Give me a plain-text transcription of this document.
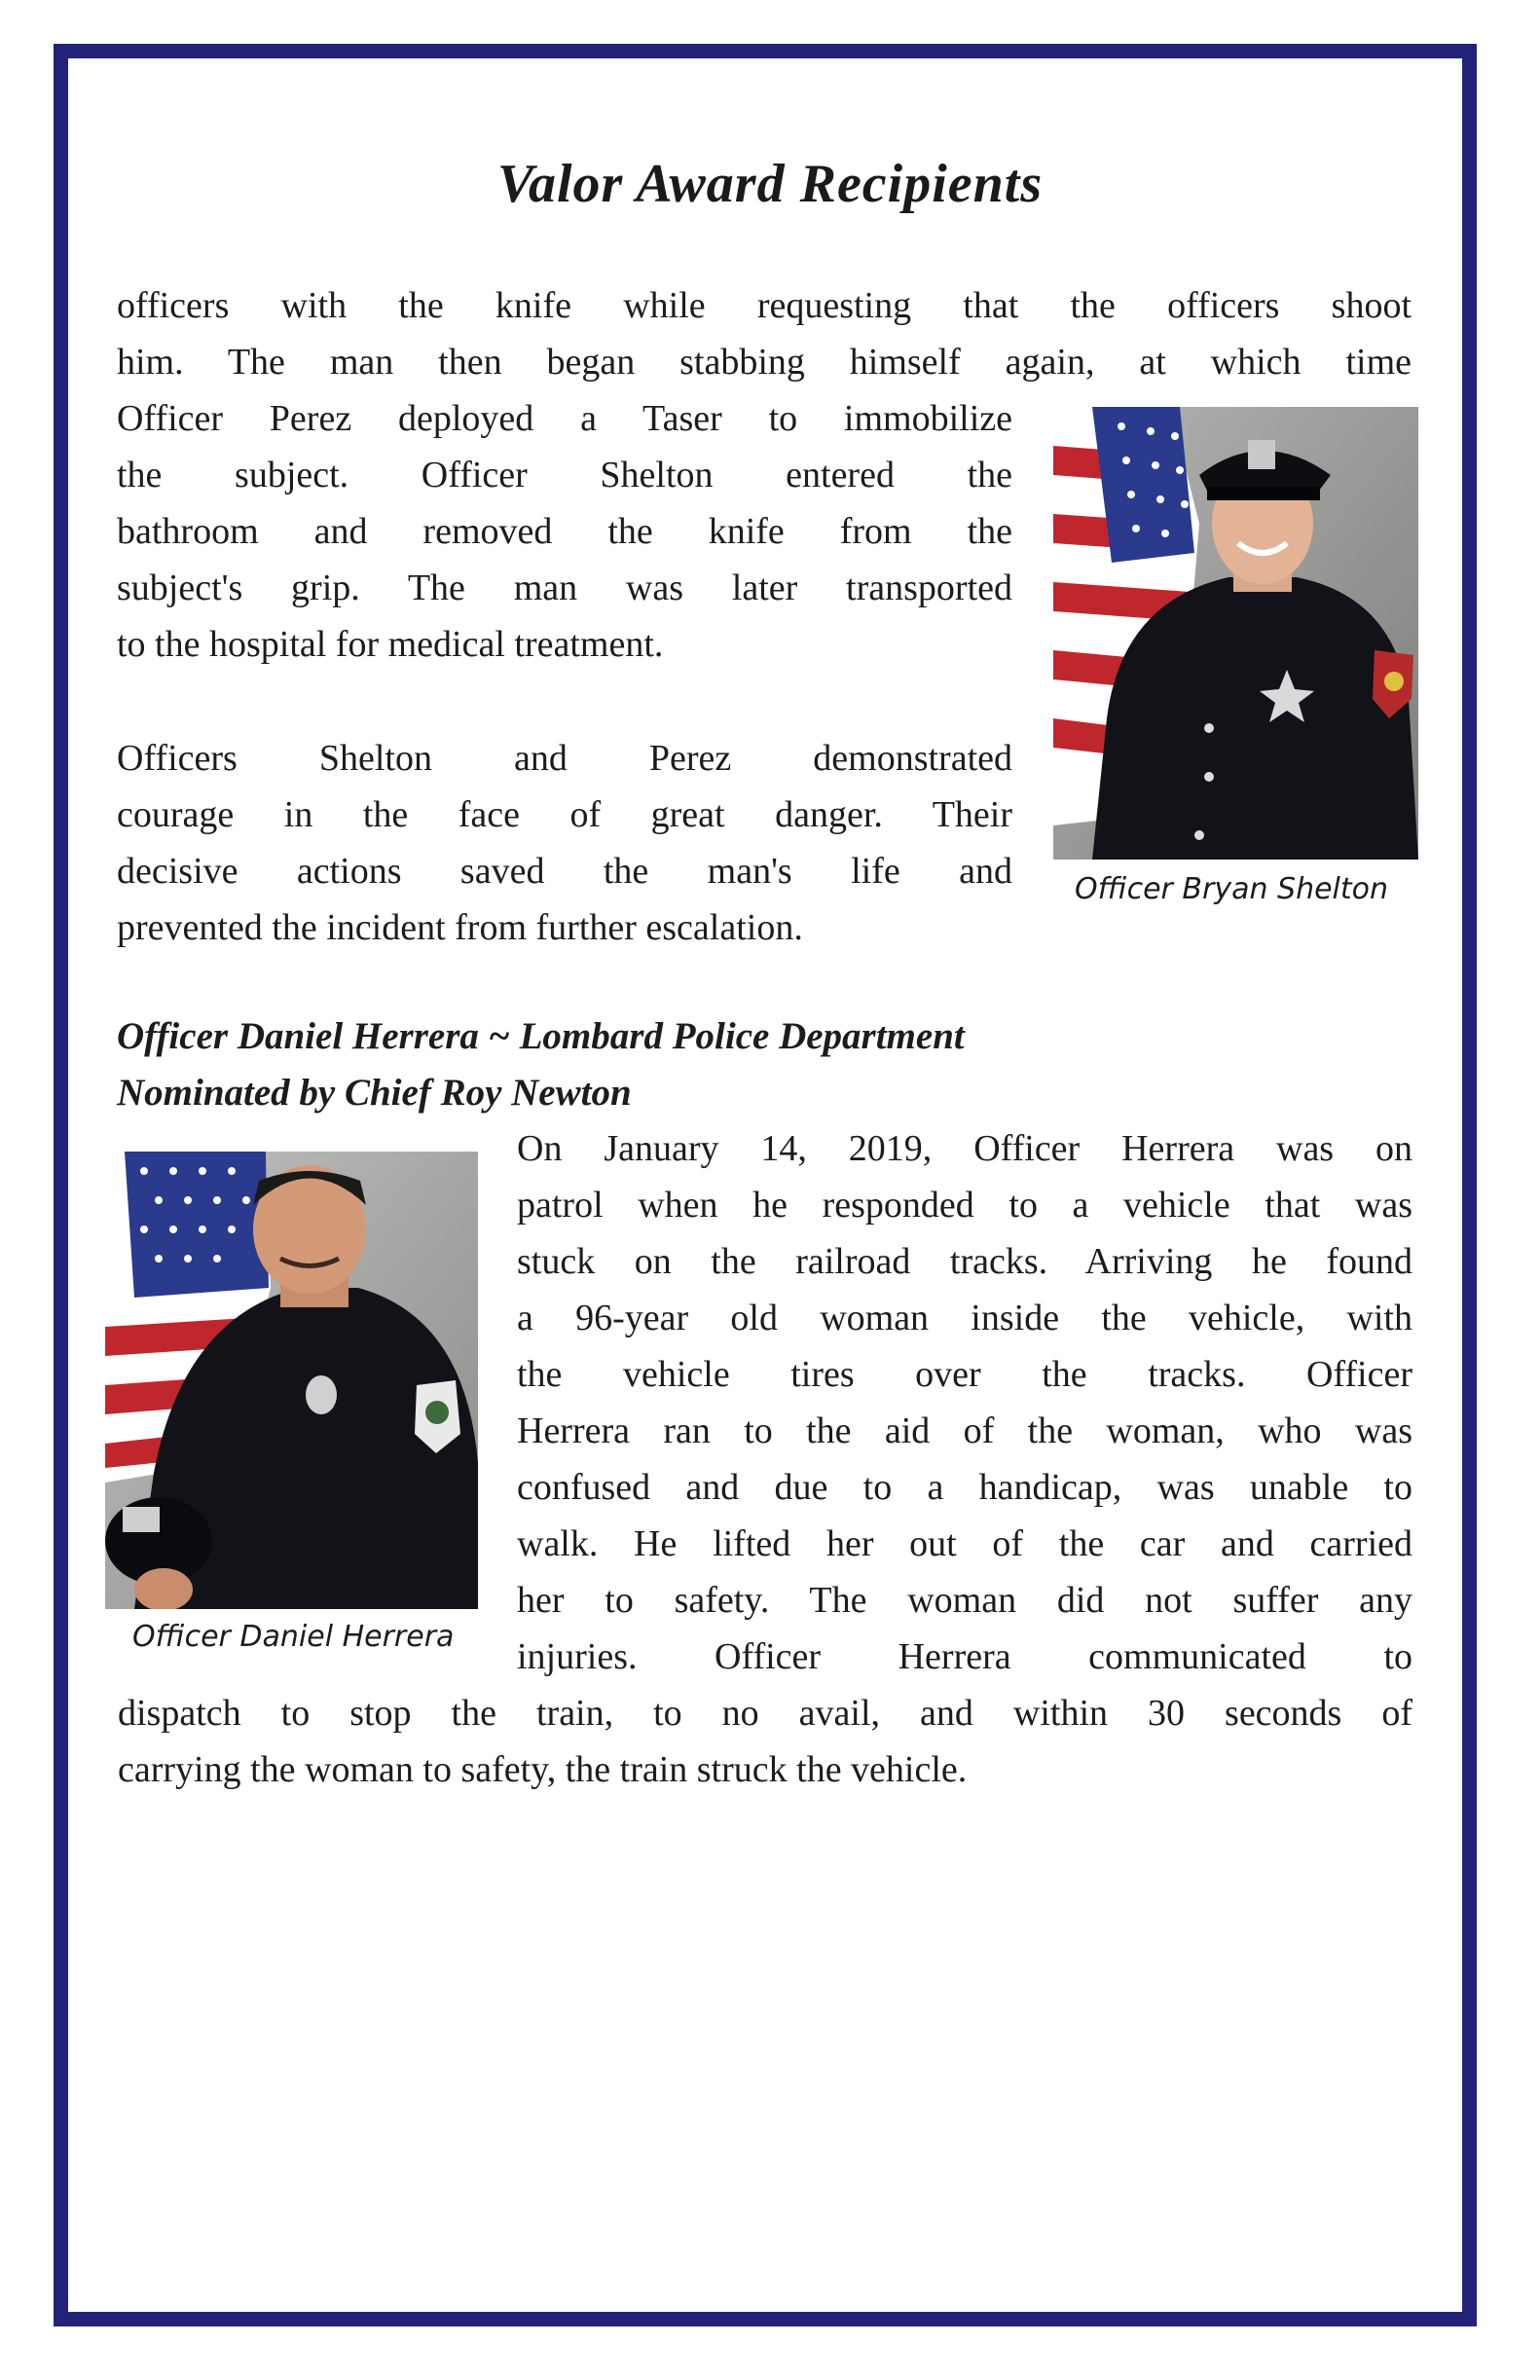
Valor Award Recipients
officers with the knife while requesting that the officers shoot
him. The man then began stabbing himself again, at which time
Officer Perez deployed a Taser to immobilize
the subject. Officer Shelton entered the
bathroom and removed the knife from the
subject's grip. The man was later transported
to the hospital for medical treatment.
Officers Shelton and Perez demonstrated
courage in the face of great danger. Their
decisive actions saved the man's life and
prevented the incident from further escalation.
Officer Bryan Shelton
Officer Daniel Herrera ~ Lombard Police Department
Nominated by Chief Roy Newton
Officer Daniel Herrera
On January 14, 2019, Officer Herrera was on
patrol when he responded to a vehicle that was
stuck on the railroad tracks. Arriving he found
a 96-year old woman inside the vehicle, with
the vehicle tires over the tracks. Officer
Herrera ran to the aid of the woman, who was
confused and due to a handicap, was unable to
walk. He lifted her out of the car and carried
her to safety. The woman did not suffer any
injuries. Officer Herrera communicated to
dispatch to stop the train, to no avail, and within 30 seconds of
carrying the woman to safety, the train struck the vehicle.
